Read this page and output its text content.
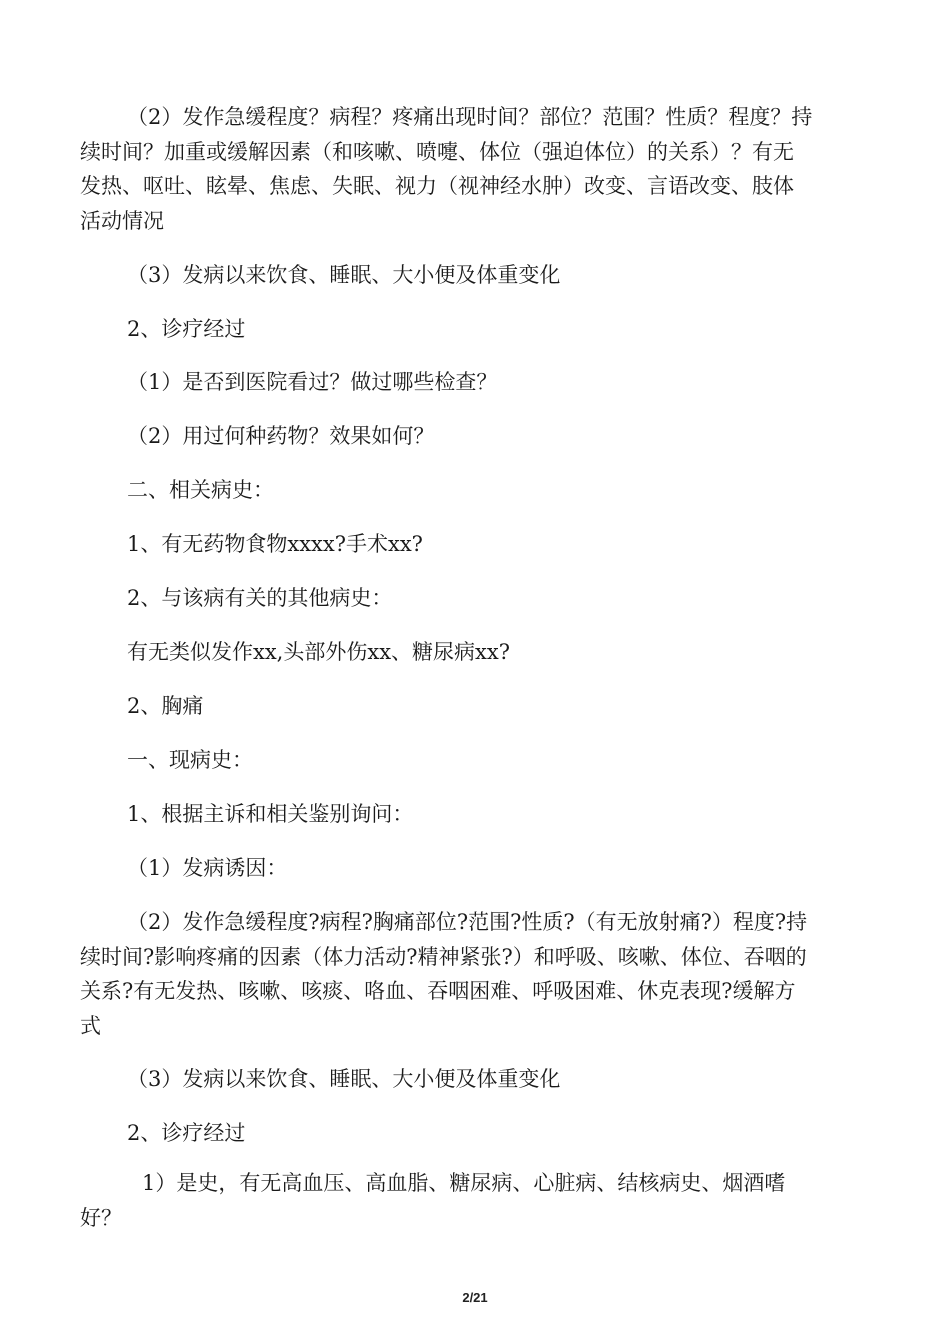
（2）发作急缓程度？病程？疼痛出现时间？部位？范围？性质？程度？持
续时间？加重或缓解因素（和咳嗽、喷嚏、体位（强迫体位）的关系）？有无
发热、呕吐、眩晕、焦虑、失眠、视力（视神经水肿）改变、言语改变、肢体
活动情况
（3）发病以来饮食、睡眠、大小便及体重变化
2、诊疗经过
（1）是否到医院看过？做过哪些检查？
（2）用过何种药物？效果如何？
二、相关病史：
1、有无药物食物xxxx?手术xx?
2、与该病有关的其他病史：
有无类似发作xx,头部外伤xx、糖尿病xx?
2、胸痛
一、现病史：
1、根据主诉和相关鉴别询问：
（1）发病诱因：
（2）发作急缓程度?病程?胸痛部位?范围?性质?（有无放射痛?）程度?持
续时间?影响疼痛的因素（体力活动?精神紧张?）和呼吸、咳嗽、体位、吞咽的
关系?有无发热、咳嗽、咳痰、咯血、吞咽困难、呼吸困难、休克表现?缓解方
式
（3）发病以来饮食、睡眠、大小便及体重变化
2、诊疗经过
1）是史，有无高血压、高血脂、糖尿病、心脏病、结核病史、烟酒嗜
好？
2/21
